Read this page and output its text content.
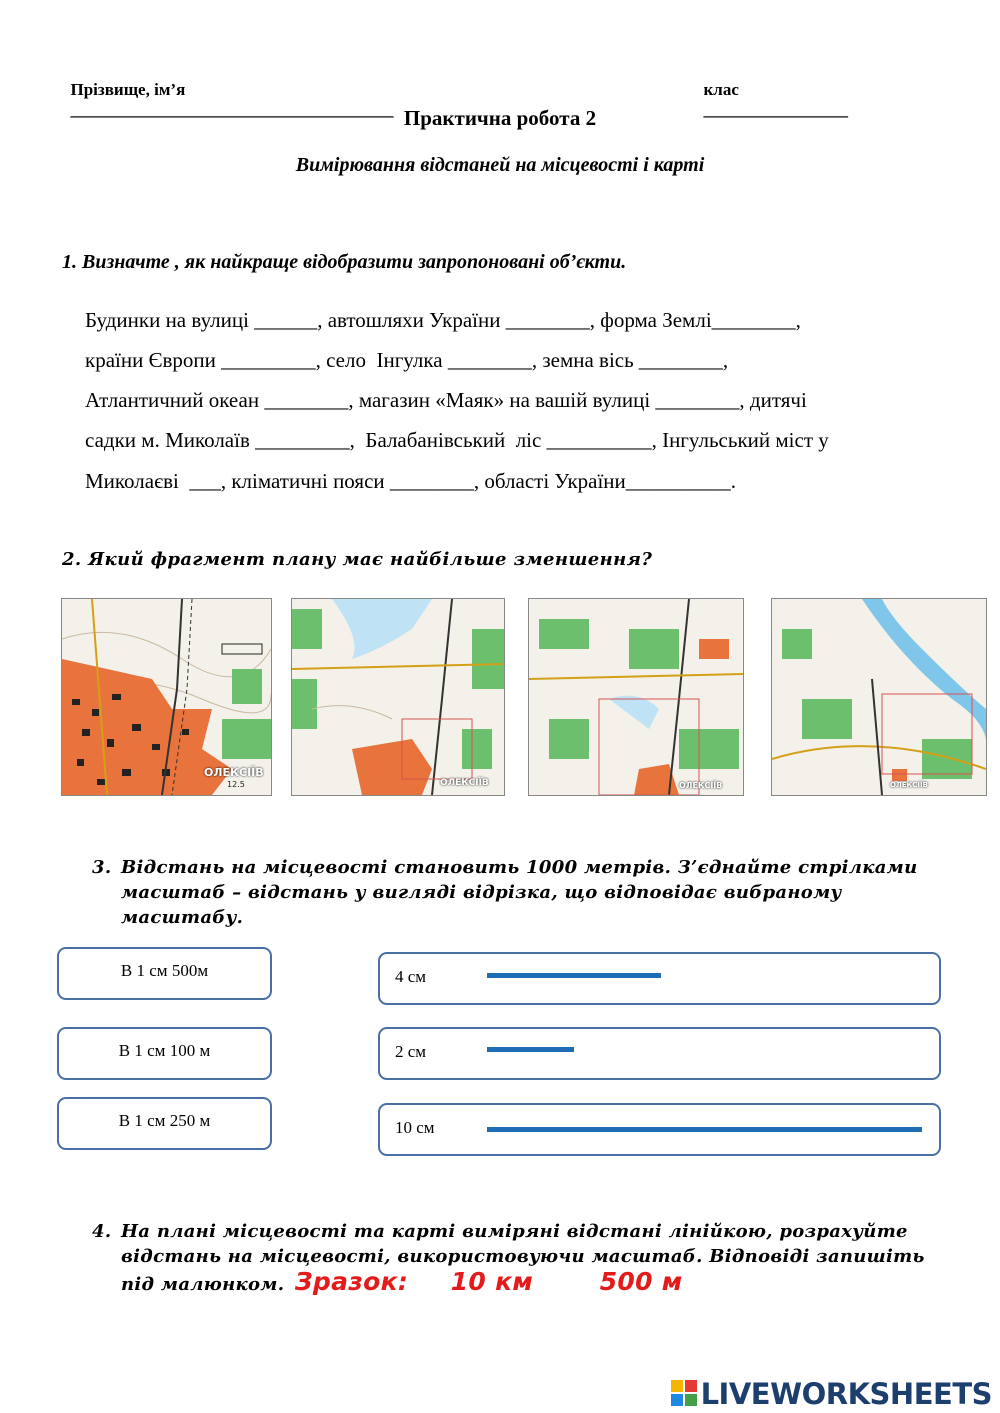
Прізвище, ім’я
______________________________________

клас
_________________

Практична робота 2
Вимірювання відстаней на місцевості і карті
1. Визначте , як найкраще відобразити запропоновані об’єкти.
Будинки на вулиці ______, автошляхи України ________, форма Землі________,
країни Європи _________, село  Інгулка ________, земна вісь ________,
Атлантичний океан ________, магазин «Маяк» на вашій вулиці ________, дитячі
садки м. Миколаїв _________,  Балабанівський  ліс __________, Інгульський міст у
Миколаєві  ___, кліматичні пояси ________, області України__________.
2. Який фрагмент плану має найбільше зменшення?
ОЛЕКСІЇВ
12.5	ОЛЕКСІЇВ	ОЛЕКСІЇВ	ОЛЕКСІЇВ
3. Відстань на місцевості становить 1000 метрів. З’єднайте стрілками
масштаб – відстань у вигляді відрізка, що відповідає вибраному
масштабу.
В 1 см 500м
В 1 см 100 м
В 1 см 250 м
4 см
2 см
10 см
4. На плані місцевості та карті виміряні відстані лінійкою, розрахуйте
відстань на місцевості, використовуючи масштаб. Відповіді запишіть
під малюнком. Зразок: 10 км	500 м
LIVEWORKSHEETS
